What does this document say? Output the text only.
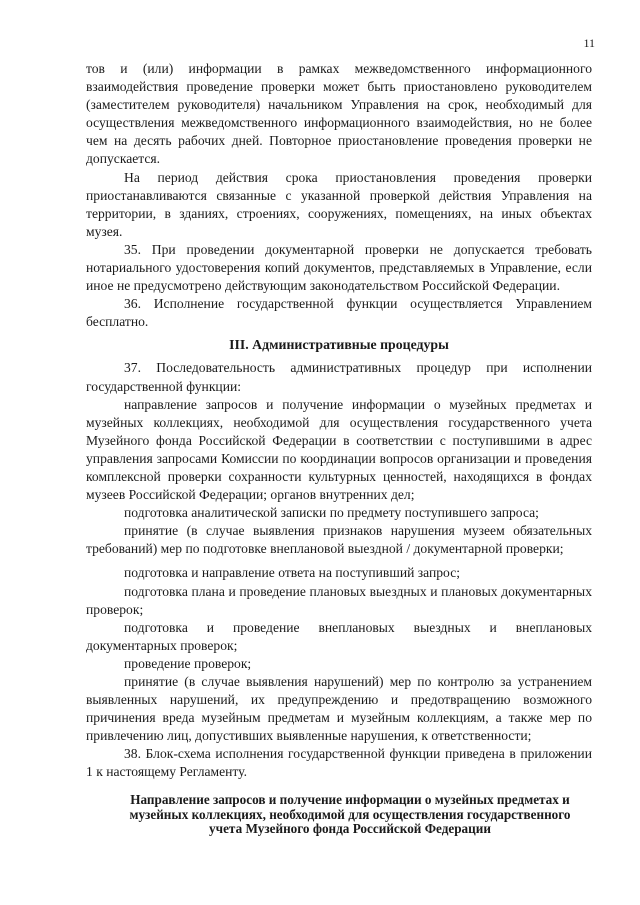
11

тов и (или) информации в рамках межведомственного информационного взаимодействия проведение проверки может быть приостановлено руководителем (заместителем руководителя) начальником Управления на срок, необходимый для осуществления межведомственного информационного взаимодействия, но не более чем на десять рабочих дней. Повторное приостановление проведения проверки не допускается.

На период действия срока приостановления проведения проверки приостанавливаются связанные с указанной проверкой действия Управления на территории, в зданиях, строениях, сооружениях, помещениях, на иных объектах музея.

35. При проведении документарной проверки не допускается требовать нотариального удостоверения копий документов, представляемых в Управление, если иное не предусмотрено действующим законодательством Российской Федерации.

36. Исполнение государственной функции осуществляется Управлением бесплатно.

III. Административные процедуры

37. Последовательность административных процедур при исполнении государственной функции:

направление запросов и получение информации о музейных предметах и музейных коллекциях, необходимой для осуществления государственного учета Музейного фонда Российской Федерации в соответствии с поступившими в адрес управления запросами Комиссии по координации вопросов организации и проведения комплексной проверки сохранности культурных ценностей, находящихся в фондах музеев Российской Федерации; органов внутренних дел;

подготовка аналитической записки по предмету поступившего запроса;

принятие (в случае выявления признаков нарушения музеем обязательных требований) мер по подготовке внеплановой выездной / документарной проверки;

подготовка и направление ответа на поступивший запрос;

подготовка плана и проведение плановых выездных и плановых документарных проверок;

подготовка и проведение внеплановых выездных и внеплановых документарных проверок;

проведение проверок;

принятие (в случае выявления нарушений) мер по контролю за устранением выявленных нарушений, их предупреждению и предотвращению возможного причинения вреда музейным предметам и музейным коллекциям, а также мер по привлечению лиц, допустивших выявленные нарушения, к ответственности;

38. Блок-схема исполнения государственной функции приведена в приложении 1 к настоящему Регламенту.

Направление запросов и получение информации о музейных предметах и музейных коллекциях, необходимой для осуществления государственного учета Музейного фонда Российской Федерации
